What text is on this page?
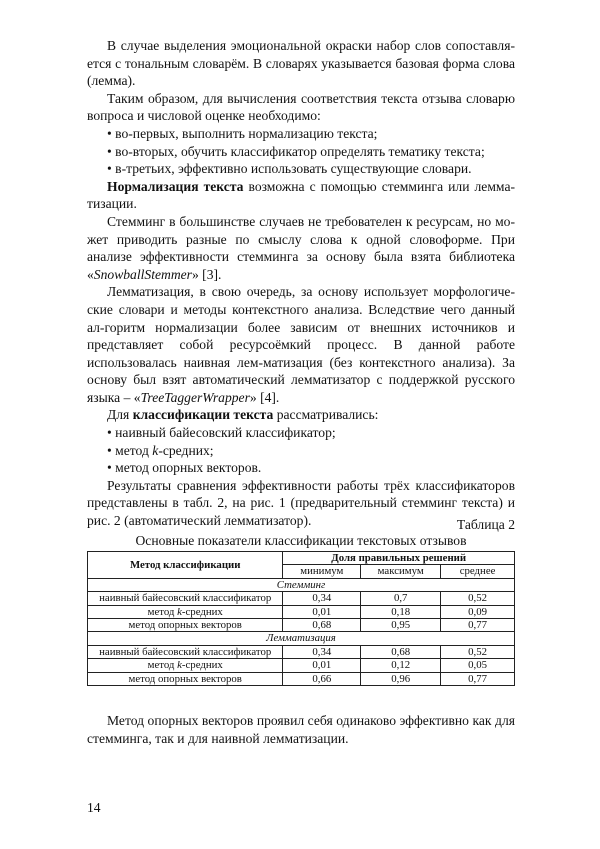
В случае выделения эмоциональной окраски набор слов сопоставля-ется с тональным словарём. В словарях указывается базовая форма слова (лемма).

Таким образом, для вычисления соответствия текста отзыва словарю вопроса и числовой оценке необходимо:

• во-первых, выполнить нормализацию текста;

• во-вторых, обучить классификатор определять тематику текста;

• в-третьих, эффективно использовать существующие словари.

Нормализация текста возможна с помощью стемминга или лемма-тизации.

Стемминг в большинстве случаев не требователен к ресурсам, но мо-жет приводить разные по смыслу слова к одной словоформе. При анализе эффективности стемминга за основу была взята библиотека «SnowballStemmer» [3].

Лемматизация, в свою очередь, за основу использует морфологиче-ские словари и методы контекстного анализа. Вследствие чего данный ал-горитм нормализации более зависим от внешних источников и представляет собой ресурсоёмкий процесс. В данной работе использовалась наивная лем-матизация (без контекстного анализа). За основу был взят автоматический лемматизатор с поддержкой русского языка – «TreeTaggerWrapper» [4].

Для классификации текста рассматривались:

• наивный байесовский классификатор;

• метод k-средних;

• метод опорных векторов.

Результаты сравнения эффективности работы трёх классификаторов представлены в табл. 2, на рис. 1 (предварительный стемминг текста) и рис. 2 (автоматический лемматизатор).	Таблица 2
Основные показатели классификации текстовых отзывов
Метод классификации	Доля правильных решений		
	минимум	максимум	среднее
Стемминг			
наивный байесовский классификатор	0,34	0,7	0,52
метод k-средних	0,01	0,18	0,09
метод опорных векторов	0,68	0,95	0,77
Лемматизация			
наивный байесовский классификатор	0,34	0,68	0,52
метод k-средних	0,01	0,12	0,05
метод опорных векторов	0,66	0,96	0,77

Метод опорных векторов проявил себя одинаково эффективно как для стемминга, так и для наивной лемматизации.

14
